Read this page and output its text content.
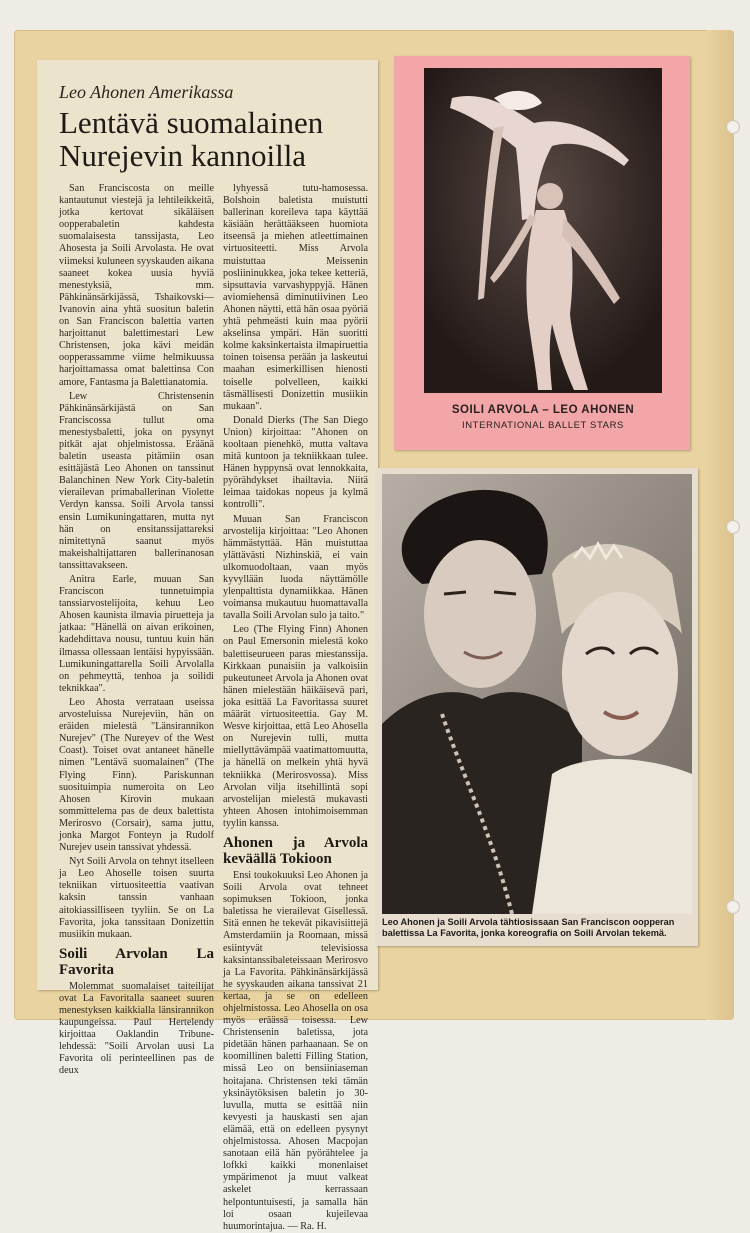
Leo Ahonen Amerikassa

Lentävä suomalainen Nurejevin kannoilla

San Franciscosta on meille kantautunut viestejä ja lehtileikkeitä, jotka kertovat sikäläisen oopperabaletin kahdesta suomalaisesta tanssijasta, Leo Ahosesta ja Soili Arvolasta. He ovat viimeksi kuluneen syyskauden aikana saaneet kokea uusia hyviä menestyksiä, mm. Pähkinänsärkijässä, Tshaikovski—Ivanovin aina yhtä suositun baletin on San Franciscon balettia varten harjoittanut balettimestari Lew Christensen, joka kävi meidän oopperassamme viime helmikuussa harjoittamassa omat balettinsa Con amore, Fantasma ja Balettianatomia.

Lew Christensenin Pähkinänsärkijästä on San Franciscossa tullut oma menestysbaletti, joka on pysynyt pitkät ajat ohjelmistossa. Eräänä baletin useasta pitämiin osan esittäjästä Leo Ahonen on tanssinut Balanchinen New York City-baletin vierailevan primaballerinan Violette Verdyn kanssa. Soili Arvola tanssi ensin Lumikuningattaren, mutta nyt hän on ensitanssijattareksi nimitettynä saanut myös makeishaltijattaren ballerinanosan tanssittavakseen.

Anitra Earle, muuan San Franciscon tunnetuimpia tanssiarvostelijoita, kehuu Leo Ahosen kaunista ilmavia piruetteja ja jatkaa: "Hänellä on aivan erikoinen, kadehdittava nousu, tuntuu kuin hän ilmassa ollessaan lentäisi hypyissään. Lumikuningattarella Soili Arvolalla on pehmeyttä, tenhoa ja soilidi teknikkaa".

Leo Ahosta verrataan useissa arvosteluissa Nurejeviin, hän on eräiden mielestä "Länsirannikon Nurejev" (The Nureyev of the West Coast). Toiset ovat antaneet hänelle nimen "Lentävä suomalainen" (The Flying Finn). Pariskunnan suosituimpia numeroita on Leo Ahosen Kirovin mukaan sommittelema pas de deux balettista Merirosvo (Corsair), sama juttu, jonka Margot Fonteyn ja Rudolf Nurejev usein tanssivat yhdessä.

Nyt Soili Arvola on tehnyt itselleen ja Leo Ahoselle toisen suurta tekniikan virtuositeettia vaativan kaksin tanssin vanhaan aitokiassilliseen tyyliin. Se on La Favorita, joka tanssitaan Donizettin musiikin mukaan.

Soili Arvolan La Favorita

Molemmat suomalaiset taiteilijat ovat La Favoritalla saaneet suuren menestyksen kaikkialla länsirannikon kaupungeissa. Paul Hertelendy kirjoittaa Oaklandin Tribune-lehdessä: "Soili Arvolan uusi La Favorita oli perinteellinen pas de deux

lyhyessä tutu-hamosessa. Bolshoin baletista muistutti ballerinan koreileva tapa käyttää käsiään herättääkseen huomiota itseensä ja miehen atleettimainen virtuositeetti. Miss Arvola muistuttaa Meissenin posliininukkea, joka tekee ketteriä, sipsuttavia varvashyppyjä. Hänen aviomiehensä diminutiivinen Leo Ahonen näytti, että hän osaa pyöriä yhtä pehmeästi kuin maa pyörii akselinsa ympäri. Hän suoritti kolme kaksinkertaista ilmapiruettia toinen toisensa perään ja laskeutui maahan esimerkillisen hienosti toiselle polvelleen, kaikki täsmällisesti Donizettin musiikin mukaan".

Donald Dierks (The San Diego Union) kirjoittaa: "Ahonen on kooltaan pienehkö, mutta valtava mitä kuntoon ja tekniikkaan tulee. Hänen hyppynsä ovat lennokkaita, pyörähdykset ihailtavia. Niitä leimaa taidokas nopeus ja kylmä kontrolli".

Muuan San Franciscon arvostelija kirjoittaa: "Leo Ahonen hämmästyttää. Hän muistuttaa ylättävästi Nizhinskiä, ei vain ulkomuodoltaan, vaan myös kyvyllään luoda näyttämölle ylenpalttista dynamiikkaa. Hänen voimansa mukautuu huomattavalla tavalla Soili Arvolan sulo ja taito."

Leo (The Flying Finn) Ahonen on Paul Emersonin mielestä koko balettiseurueen paras miestanssija. Kirkkaan punaisiin ja valkoisiin pukeutuneet Arvola ja Ahonen ovat hänen mielestään häikäisevä pari, joka esittää La Favoritassa suuret määrät virtuositeettia. Gay M. Wesve kirjoittaa, että Leo Ahosella on Nurejevin tulli, mutta miellyttävämpää vaatimattomuutta, ja hänellä on melkein yhtä hyvä tekniikka (Merirosvossa). Miss Arvolan vilja itsehillintä sopi arvostelijan mielestä mukavasti yhteen Ahosen intohimoisemman tyylin kanssa.

Ahonen ja Arvola keväällä Tokioon

Ensi toukokuuksi Leo Ahonen ja Soili Arvola ovat tehneet sopimuksen Tokioon, jonka baletissa he vierailevat Gisellessä. Sitä ennen he tekevät pikavisiittejä Amsterdamiin ja Roomaan, missä esiintyvät televisiossa kaksintanssibaleteissaan Merirosvo ja La Favorita. Pähkinänsärkijässä he syyskauden aikana tanssivat 21 kertaa, ja se on edelleen ohjelmistossa. Leo Ahosella on osa myös eräässä toisessa. Lew Christensenin baletissa, jota pidetään hänen parhaanaan. Se on koomillinen baletti Filling Station, missä Leo on bensiiniaseman hoitajana. Christensen teki tämän yksinäytöksisen baletin jo 30-luvulla, mutta se esittää niin kevyesti ja hauskasti sen ajan elämää, että on edelleen pysynyt ohjelmistossa. Ahosen Macpojan sanotaan eilä hän pyörähtelee ja lofkki kaikki monenlaiset ympärimenot ja muut valkeat askelet kerrassaan helpontuntuisesti, ja samalla hän loi osaan kujeilevaa huumorintajua. — Ra. H.

SOILI ARVOLA – LEO AHONEN

INTERNATIONAL BALLET STARS

Leo Ahonen ja Soili Arvola tähtiosissaan San Franciscon oopperan balettissa La Favorita, jonka koreografia on Soili Arvolan tekemä.
